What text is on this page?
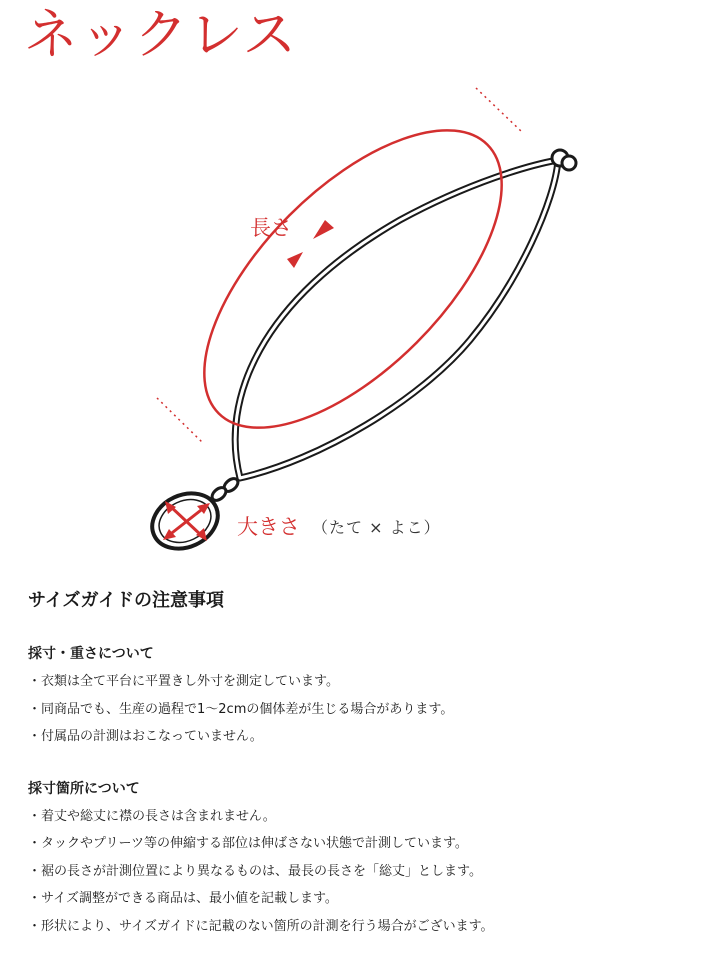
ネックレス
長さ
大きさ （たて × よこ）
サイズガイドの注意事項
採寸・重さについて
・ 衣類は全て平台に平置きし外寸を測定しています。
・ 同商品でも、生産の過程で1〜2cmの個体差が生じる場合があります。
・ 付属品の計測はおこなっていません。
採寸箇所について
・ 着丈や総丈に襟の長さは含まれません。
・ タックやプリーツ等の伸縮する部位は伸ばさない状態で計測しています。
・ 裾の長さが計測位置により異なるものは、最長の長さを「総丈」とします。
・ サイズ調整ができる商品は、最小値を記載します。
・ 形状により、サイズガイドに記載のない箇所の計測を行う場合がございます。
